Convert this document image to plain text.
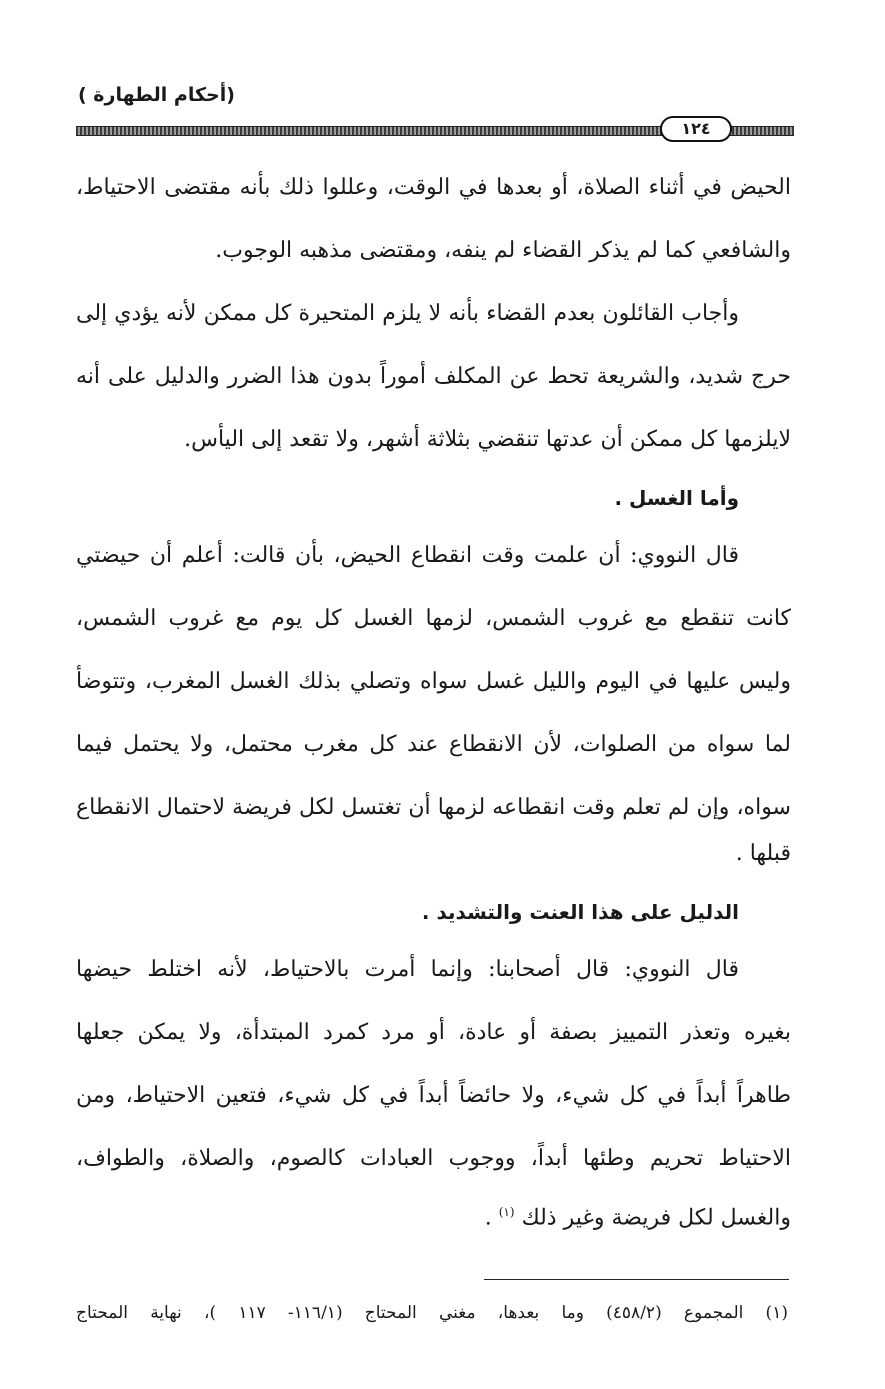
(أحكام الطهارة )
١٢٤
الحيض في أثناء الصلاة، أو بعدها في الوقت، وعللوا ذلك بأنه مقتضى الاحتياط،
والشافعي كما لم يذكر القضاء لم ينفه، ومقتضى مذهبه الوجوب.
وأجاب القائلون بعدم القضاء بأنه لا يلزم المتحيرة كل ممكن لأنه يؤدي إلى
حرج شديد، والشريعة تحط عن المكلف أموراً بدون هذا الضرر والدليل على أنه
لايلزمها كل ممكن أن عدتها تنقضي بثلاثة أشهر، ولا تقعد إلى اليأس.
وأما الغسل .
قال النووي: أن علمت وقت انقطاع الحيض، بأن قالت: أعلم أن حيضتي
كانت تنقطع مع غروب الشمس، لزمها الغسل كل يوم مع غروب الشمس،
وليس عليها في اليوم والليل غسل سواه وتصلي بذلك الغسل المغرب، وتتوضأ
لما سواه من الصلوات، لأن الانقطاع عند كل مغرب محتمل، ولا يحتمل فيما
سواه، وإن لم تعلم وقت انقطاعه لزمها أن تغتسل لكل فريضة لاحتمال الانقطاع
قبلها .
الدليل على هذا العنت والتشديد .
قال النووي: قال أصحابنا: وإنما أمرت بالاحتياط، لأنه اختلط حيضها
بغيره وتعذر التمييز بصفة أو عادة، أو مرد كمرد المبتدأة، ولا يمكن جعلها
طاهراً أبداً في كل شيء، ولا حائضاً أبداً في كل شيء، فتعين الاحتياط، ومن
الاحتياط تحريم وطئها أبداً، ووجوب العبادات كالصوم، والصلاة، والطواف،
والغسل لكل فريضة وغير ذلك $^{(١)}$ .
(١) المجموع (٤٥٨/٢) وما بعدها، مغني المحتاج (١١٦/١- ١١٧ )، نهاية المحتاج
